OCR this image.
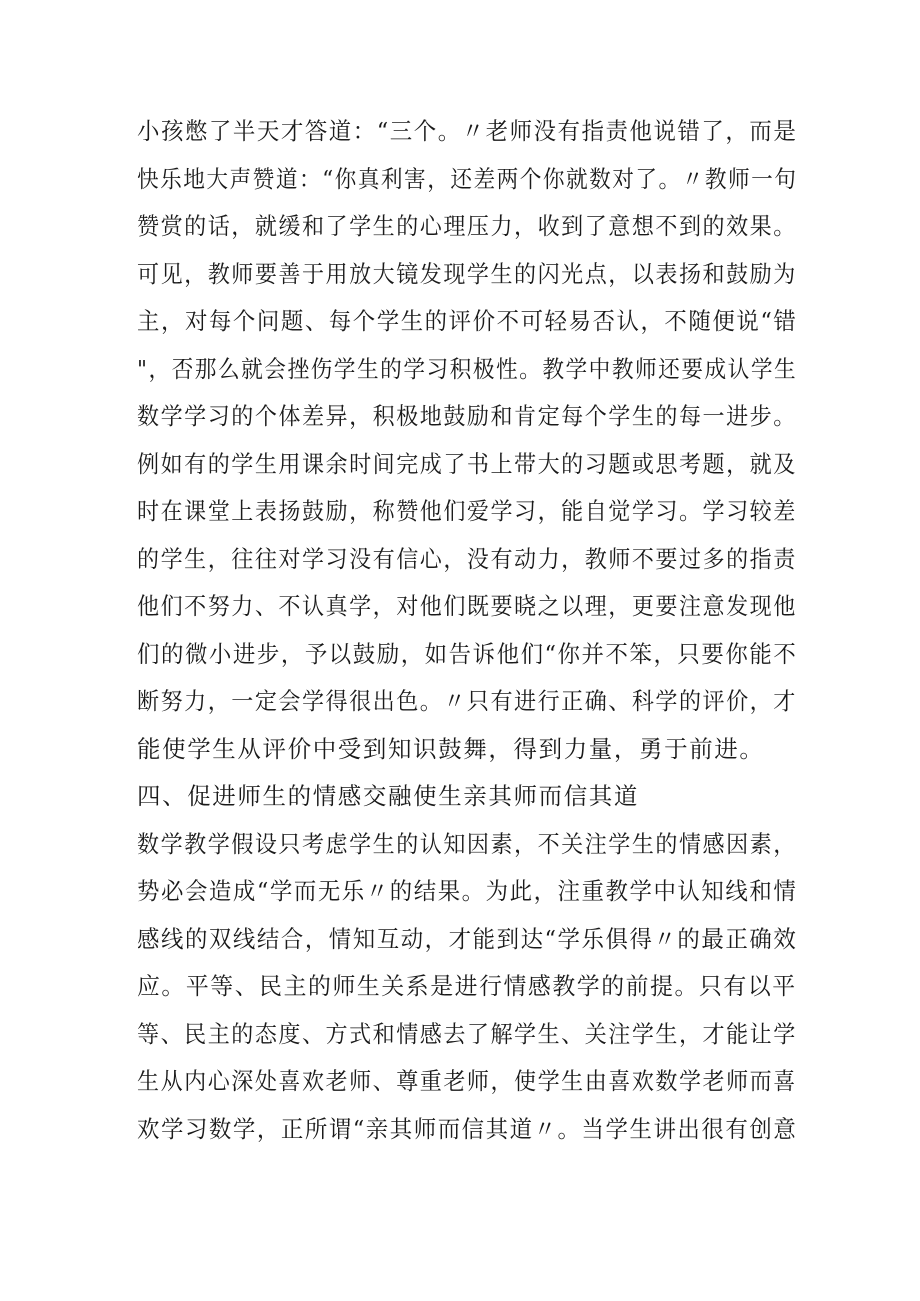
小孩憋了半天才答道：“三个。〃老师没有指责他说错了，而是
快乐地大声赞道：“你真利害，还差两个你就数对了。〃教师一句
赞赏的话，就缓和了学生的心理压力，收到了意想不到的效果。
可见，教师要善于用放大镜发现学生的闪光点，以表扬和鼓励为
主，对每个问题、每个学生的评价不可轻易否认，不随便说“错
"，否那么就会挫伤学生的学习积极性。教学中教师还要成认学生
数学学习的个体差异，积极地鼓励和肯定每个学生的每一进步。
例如有的学生用课余时间完成了书上带大的习题或思考题，就及
时在课堂上表扬鼓励，称赞他们爱学习，能自觉学习。学习较差
的学生，往往对学习没有信心，没有动力，教师不要过多的指责
他们不努力、不认真学，对他们既要晓之以理，更要注意发现他
们的微小进步，予以鼓励，如告诉他们“你并不笨，只要你能不
断努力，一定会学得很出色。〃只有进行正确、科学的评价，才
能使学生从评价中受到知识鼓舞，得到力量，勇于前进。
四、促进师生的情感交融使生亲其师而信其道
数学教学假设只考虑学生的认知因素，不关注学生的情感因素，
势必会造成“学而无乐〃的结果。为此，注重教学中认知线和情
感线的双线结合，情知互动，才能到达“学乐俱得〃的最正确效
应。平等、民主的师生关系是进行情感教学的前提。只有以平
等、民主的态度、方式和情感去了解学生、关注学生，才能让学
生从内心深处喜欢老师、尊重老师，使学生由喜欢数学老师而喜
欢学习数学，正所谓“亲其师而信其道〃。当学生讲出很有创意
